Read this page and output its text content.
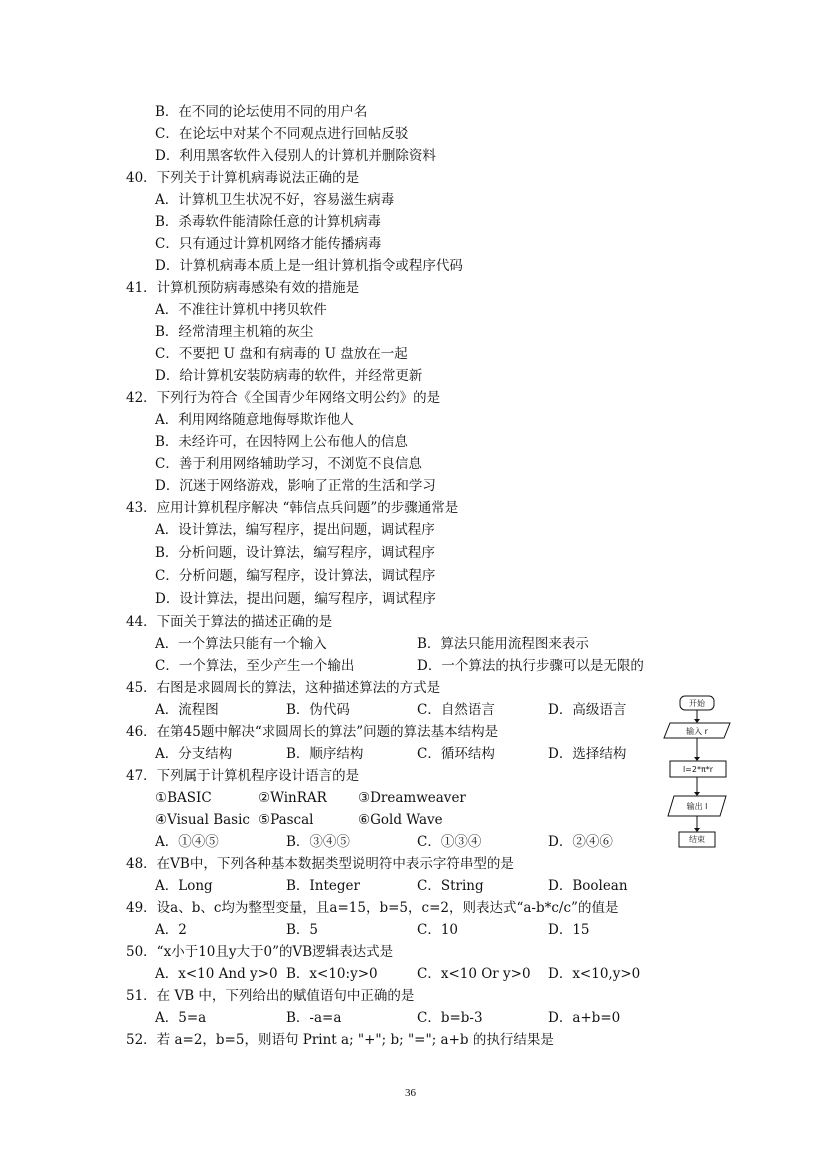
B．在不同的论坛使用不同的用户名
C．在论坛中对某个不同观点进行回帖反驳
D．利用黑客软件入侵别人的计算机并删除资料
40．下列关于计算机病毒说法正确的是
A．计算机卫生状况不好，容易滋生病毒
B．杀毒软件能清除任意的计算机病毒
C．只有通过计算机网络才能传播病毒
D．计算机病毒本质上是一组计算机指令或程序代码
41．计算机预防病毒感染有效的措施是
A．不准往计算机中拷贝软件
B．经常清理主机箱的灰尘
C．不要把 U 盘和有病毒的 U 盘放在一起
D．给计算机安装防病毒的软件，并经常更新
42．下列行为符合《全国青少年网络文明公约》的是
A．利用网络随意地侮辱欺诈他人
B．未经许可，在因特网上公布他人的信息
C．善于利用网络辅助学习，不浏览不良信息
D．沉迷于网络游戏，影响了正常的生活和学习
43．应用计算机程序解决 “韩信点兵问题”的步骤通常是
A．设计算法，编写程序，提出问题，调试程序
B．分析问题，设计算法，编写程序，调试程序
C．分析问题，编写程序，设计算法，调试程序
D．设计算法，提出问题，编写程序，调试程序
44．下面关于算法的描述正确的是
A．一个算法只能有一个输入	B．算法只能用流程图来表示
C．一个算法，至少产生一个输出	D．一个算法的执行步骤可以是无限的
45．右图是求圆周长的算法，这种描述算法的方式是
A．流程图	B．伪代码	C．自然语言	D．高级语言
46．在第45题中解决“求圆周长的算法”问题的算法基本结构是
A．分支结构	B．顺序结构	C．循环结构	D．选择结构
47．下列属于计算机程序设计语言的是
①BASIC	②WinRAR ③Dreamweaver
④Visual Basic ⑤Pascal	⑥Gold Wave
A．①④⑤	B．③④⑤	C．①③④	D．②④⑥
48．在VB中，下列各种基本数据类型说明符中表示字符串型的是
A．Long	B．Integer	C．String	D．Boolean
49．设a、b、c均为整型变量，且a=15，b=5，c=2，则表达式“a-b*c/c”的值是
A．2	B．5	C．10	D．15
50．“x小于10且y大于0”的VB逻辑表达式是
A．x<10 And y>0 B．x<10:y>0	C．x<10 Or y>0 D．x<10,y>0
51．在 VB 中，下列给出的赋值语句中正确的是
A．5=a	B．-a=a	C．b=b-3	D．a+b=0
52．若 a=2，b=5，则语句 Print a; "+"; b; "="; a+b 的执行结果是
开始
输入 r
l=2*π*r
输出 l
结束
36
